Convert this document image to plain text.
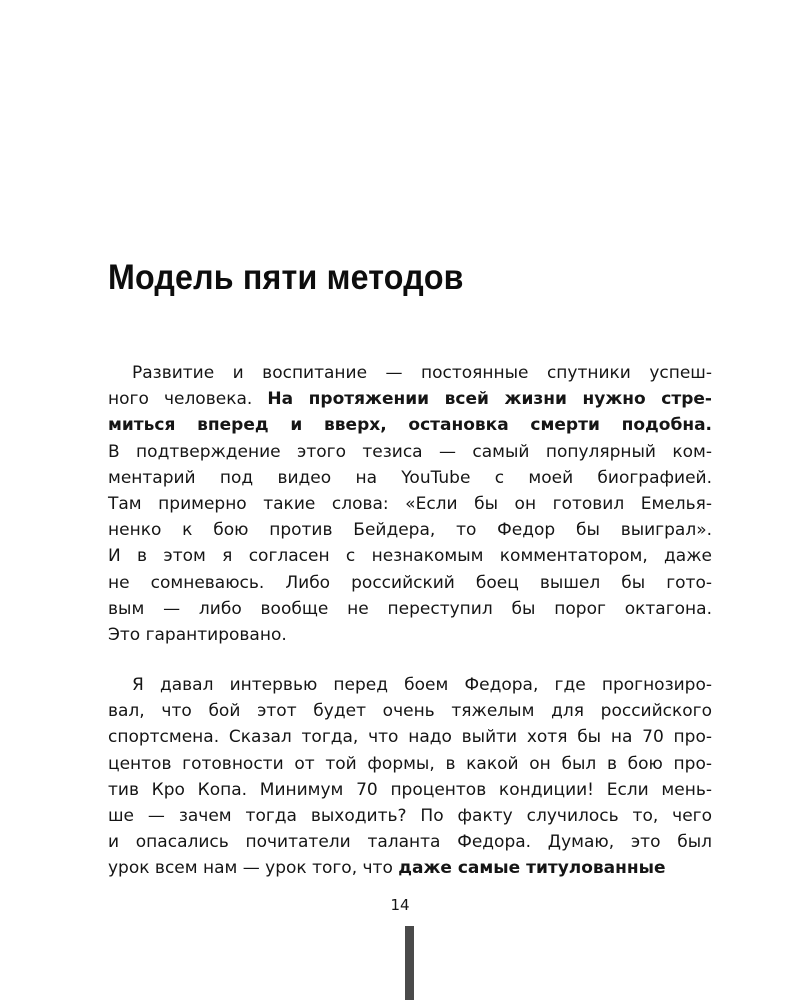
Модель пяти методов
Развитие и воспитание — постоянные спутники успеш-
ного человека. На протяжении всей жизни нужно стре-
миться вперед и вверх, остановка смерти подобна.
В подтверждение этого тезиса — самый популярный ком-
ментарий под видео на YouTube с моей биографией.
Там примерно такие слова: «Если бы он готовил Емелья-
ненко к бою против Бейдера, то Федор бы выиграл».
И в этом я согласен с незнакомым комментатором, даже
не сомневаюсь. Либо российский боец вышел бы гото-
вым — либо вообще не переступил бы порог октагона.
Это гарантировано.
Я давал интервью перед боем Федора, где прогнозиро-
вал, что бой этот будет очень тяжелым для российского
спортсмена. Сказал тогда, что надо выйти хотя бы на 70 про-
центов готовности от той формы, в какой он был в бою про-
тив Кро Копа. Минимум 70 процентов кондиции! Если мень-
ше — зачем тогда выходить? По факту случилось то, чего
и опасались почитатели таланта Федора. Думаю, это был
урок всем нам — урок того, что даже самые титулованные
14
